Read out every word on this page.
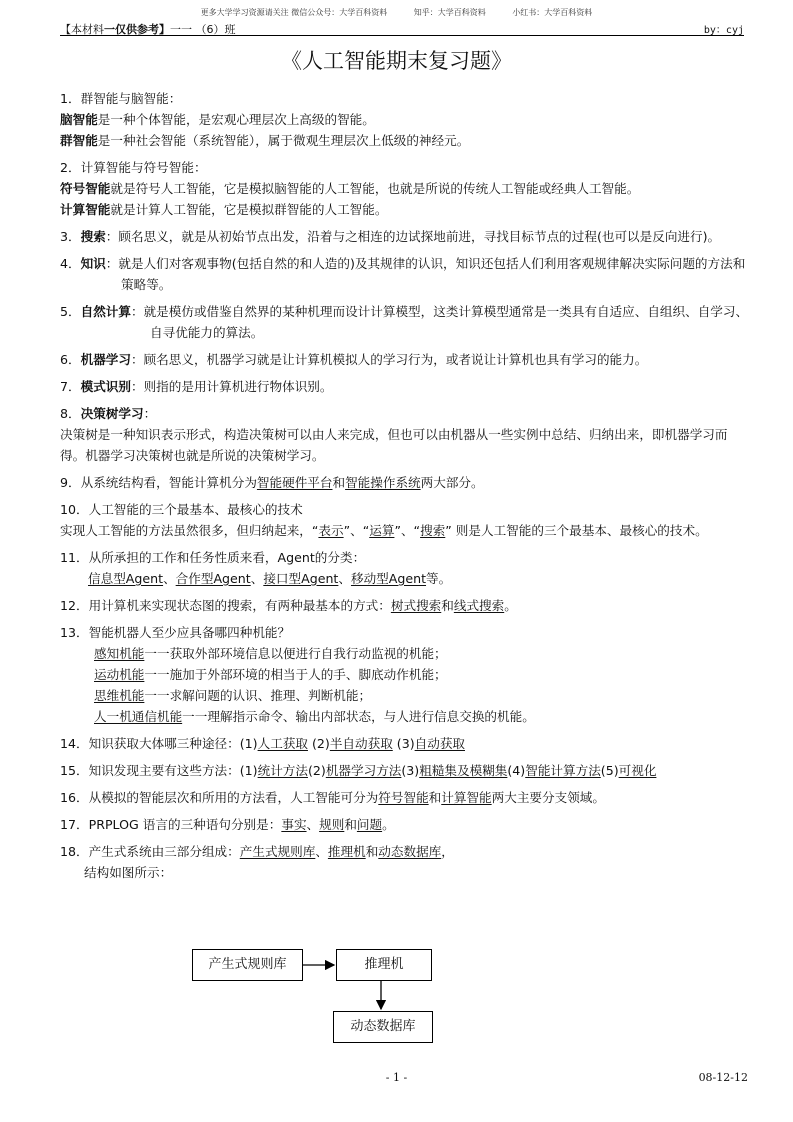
更多大学学习资源请关注 微信公众号：大学百科资料	知乎：大学百科资料	小红书：大学百科资料
【本材料一仅供参考】一一 （6）班	by：cyj
《人工智能期末复习题》

1．群智能与脑智能：

脑智能是一种个体智能，是宏观心理层次上高级的智能。

群智能是一种社会智能（系统智能），属于微观生理层次上低级的神经元。

2．计算智能与符号智能：

符号智能就是符号人工智能，它是模拟脑智能的人工智能，也就是所说的传统人工智能或经典人工智能。

计算智能就是计算人工智能，它是模拟群智能的人工智能。

3．搜索：顾名思义，就是从初始节点出发，沿着与之相连的边试探地前进，寻找目标节点的过程(也可以是反向进行)。

4．知识：就是人们对客观事物(包括自然的和人造的)及其规律的认识，知识还包括人们利用客观规律解决实际问题的方法和策略等。

5．自然计算：就是模仿或借鉴自然界的某种机理而设计计算模型，这类计算模型通常是一类具有自适应、自组织、自学习、自寻优能力的算法。

6．机器学习：顾名思义，机器学习就是让计算机模拟人的学习行为，或者说让计算机也具有学习的能力。

7．模式识别：则指的是用计算机进行物体识别。

8．决策树学习：

决策树是一种知识表示形式，构造决策树可以由人来完成，但也可以由机器从一些实例中总结、归纳出来，即机器学习而得。机器学习决策树也就是所说的决策树学习。

9．从系统结构看，智能计算机分为智能硬件平台和智能操作系统两大部分。

10．人工智能的三个最基本、最核心的技术

实现人工智能的方法虽然很多，但归纳起来，“表示”、“运算”、“搜索” 则是人工智能的三个最基本、最核心的技术。

11．从所承担的工作和任务性质来看，Agent的分类：

信息型Agent、合作型Agent、接口型Agent、移动型Agent等。

12．用计算机来实现状态图的搜索，有两种最基本的方式：树式搜索和线式搜索。

13．智能机器人至少应具备哪四种机能？

感知机能一一获取外部环境信息以便进行自我行动监视的机能；

运动机能一一施加于外部环境的相当于人的手、脚底动作机能；

思维机能一一求解问题的认识、推理、判断机能；

人一机通信机能一一理解指示命令、输出内部状态，与人进行信息交换的机能。

14．知识获取大体哪三种途径：(1)人工获取 (2)半自动获取 (3)自动获取

15．知识发现主要有这些方法：(1)统计方法(2)机器学习方法(3)粗糙集及模糊集(4)智能计算方法(5)可视化

16．从模拟的智能层次和所用的方法看，人工智能可分为符号智能和计算智能两大主要分支领域。

17．PRPLOG 语言的三种语句分别是：事实、规则和问题。

18．产生式系统由三部分组成：产生式规则库、推理机和动态数据库，

结构如图所示：

产生式规则库	推理机
动态数据库
- 1 -	08-12-12
